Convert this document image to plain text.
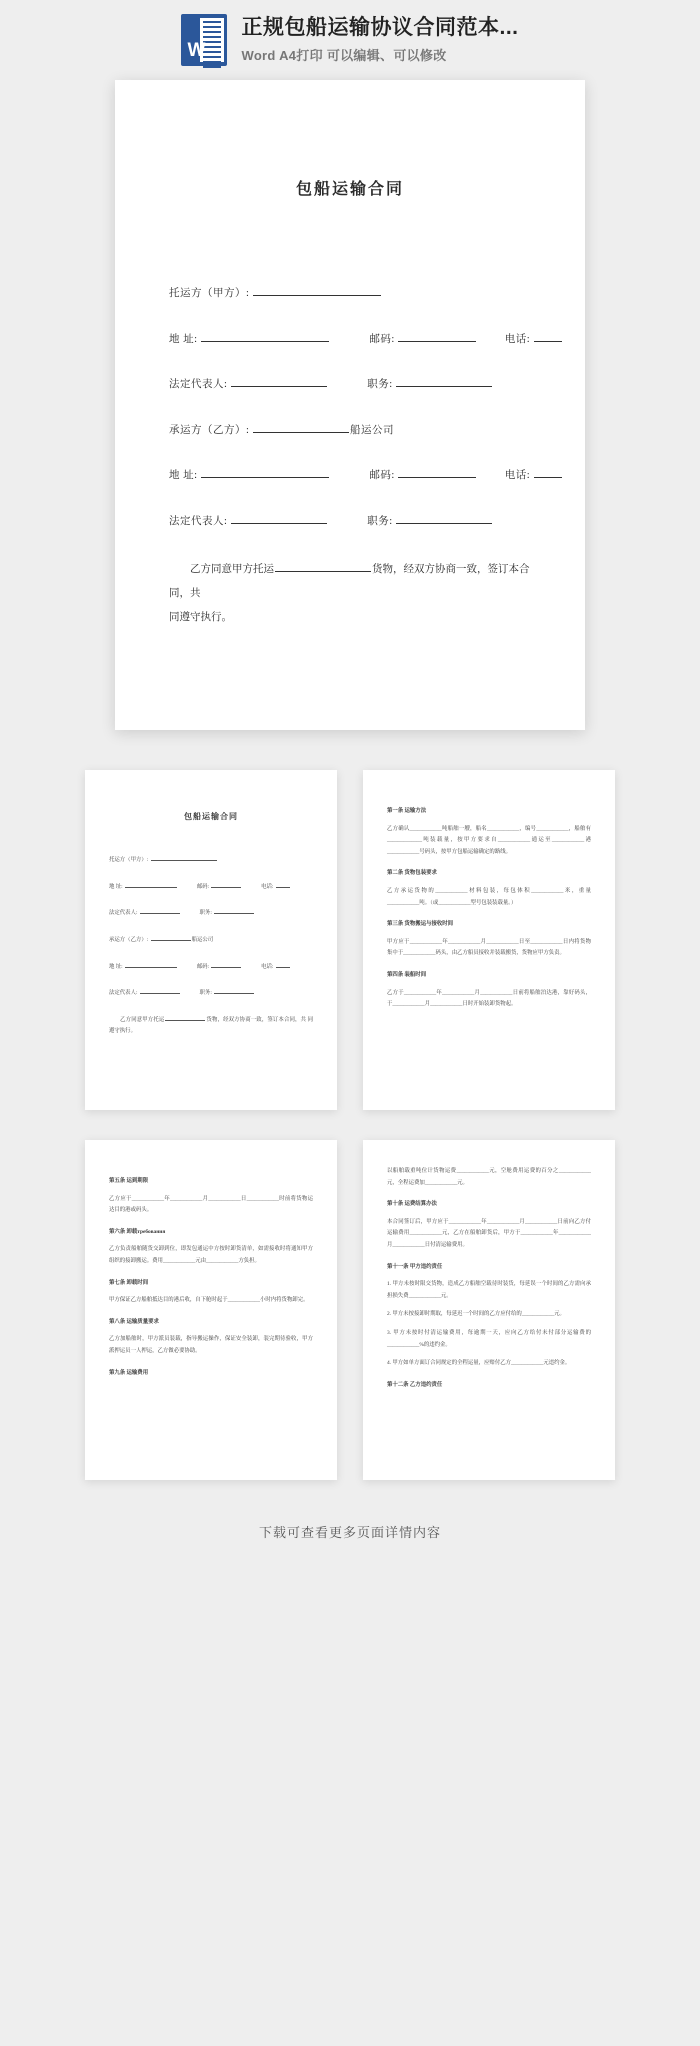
W
正规包船运输协议合同范本...
Word A4打印 可以编辑、可以修改
包船运输合同
托运方（甲方）:
地 址:	邮码:	电话:
法定代表人:	职务:
承运方（乙方）:	船运公司
地 址:	邮码:	电话:
法定代表人:	职务:
乙方同意甲方托运	货物，经双方协商一致，签订本合同，共
同遵守执行。
包船运输合同
托运方（甲方）:
地 址:	邮码:	电话:
法定代表人:	职务:
承运方（乙方）:	船运公司
地 址:	邮码:	电话:
法定代表人:	职务:
乙方同意甲方托运	货物，经双方协商一致，签订本合同，共 同遵守执行。
第一条 运输方法
乙方确认____________吨船舶一艘，船名____________，编号____________，船舶有_____________吨装载量，按甲方要求自____________通运至____________港____________号码头，按甲方包船运输确定的路线。
第二条 货物包装要求
乙方承运货物的____________材料包装，每包体积____________米，重量____________吨。（或____________型号包装装载量。）
第三条 货物搬运与接收时间
甲方应于____________年____________月____________日至____________日内将货物集中于____________码头，由乙方船员接收并装载搬货，货物应甲方负责。
第四条 装船时间
乙方于____________年____________月____________日前将船舶泊达港，靠好码头，于____________月____________日时开始装卸货物起。
第五条 运到期限
乙方应于____________年____________月____________日____________时前将货物运达目的港或码头。
第六条 卸载требования
乙方负责船舶随货交卸到位，即发包通运中方按时卸货清单，如需接收时将通知甲方组织的接卸搬运。费用____________元由____________方负担。
第七条 卸载时间
甲方保证乙方船舶抵达目的港后收，自下舱时起于____________小时内将货物卸完。
第八条 运输质量要求
乙方加船舶时，甲方派员装载，指导搬运操作，保证安全装卸，装完期待验收，甲方派押运员一人押运，乙方做必要协助。
第九条 运输费用
以船舶载重吨位计货物运费____________元，空舱费用运费的百分之____________元，全程运费加____________元。
第十条 运费结算办法
本合同签订后，甲方应于____________年____________月____________日前向乙方付运输费用____________元，乙方在船舶卸货后，甲方于____________年____________月____________日付清运输费用。
第十一条 甲方违约责任
1. 甲方未按时限交货物，造成乙方船舶空载待时装货，每延误一个时间的乙方需向承担损失费____________元。
2. 甲方未按接卸时期取，每延迟一个时间的乙方应付给的____________元。
3. 甲方未按时付清运输费用，每逾期一天，应向乙方给付未付部分运输费的____________%的违约金。
4. 甲方如单方面订合同规定的全程运量，应赔付乙方____________元违约金。
第十二条 乙方违约责任
下载可查看更多页面详情内容
